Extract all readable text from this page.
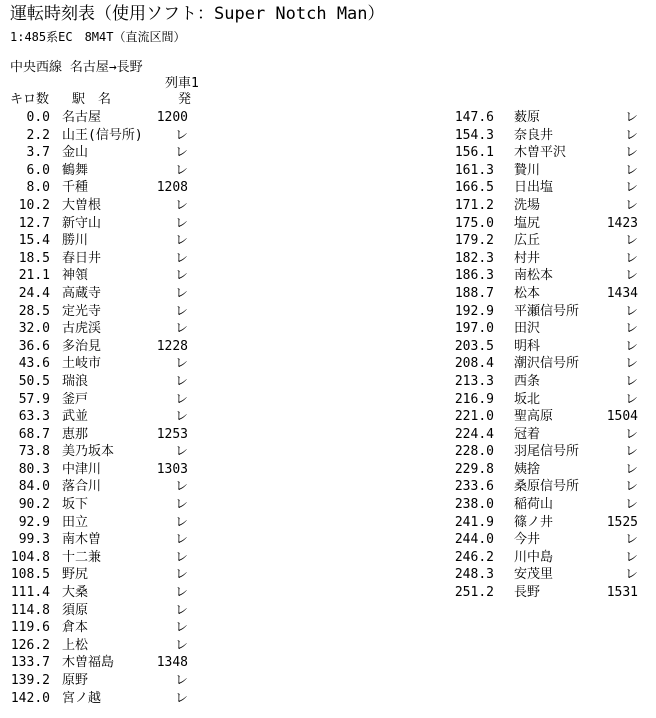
運転時刻表（使用ソフト：Super Notch Man）
1:485系EC　8M4T（直流区間）
中央西線 名古屋→長野
列車1
発
キロ数 駅　名
0.0 名古屋	1200
2.2 山王(信号所)	レ
3.7 金山	レ
6.0 鶴舞	レ
8.0 千種	1208
10.2 大曽根	レ
12.7 新守山	レ
15.4 勝川	レ
18.5 春日井	レ
21.1 神領	レ
24.4 高蔵寺	レ
28.5 定光寺	レ
32.0 古虎渓	レ
36.6 多治見	1228
43.6 土岐市	レ
50.5 瑞浪	レ
57.9 釜戸	レ
63.3 武並	レ
68.7 恵那	1253
73.8 美乃坂本	レ
80.3 中津川	1303
84.0 落合川	レ
90.2 坂下	レ
92.9 田立	レ
99.3 南木曽	レ
104.8 十二兼	レ
108.5 野尻	レ
111.4 大桑	レ
114.8 須原	レ
119.6 倉本	レ
126.2 上松	レ
133.7 木曽福島	1348
139.2 原野	レ
142.0 宮ノ越	レ
147.6 薮原	レ
154.3 奈良井	レ
156.1 木曽平沢	レ
161.3 贄川	レ
166.5 日出塩	レ
171.2 洗場	レ
175.0 塩尻	1423
179.2 広丘	レ
182.3 村井	レ
186.3 南松本	レ
188.7 松本	1434
192.9 平瀬信号所	レ
197.0 田沢	レ
203.5 明科	レ
208.4 潮沢信号所	レ
213.3 西条	レ
216.9 坂北	レ
221.0 聖高原	1504
224.4 冠着	レ
228.0 羽尾信号所	レ
229.8 姨捨	レ
233.6 桑原信号所	レ
238.0 稲荷山	レ
241.9 篠ノ井	1525
244.0 今井	レ
246.2 川中島	レ
248.3 安茂里	レ
251.2 長野	1531
